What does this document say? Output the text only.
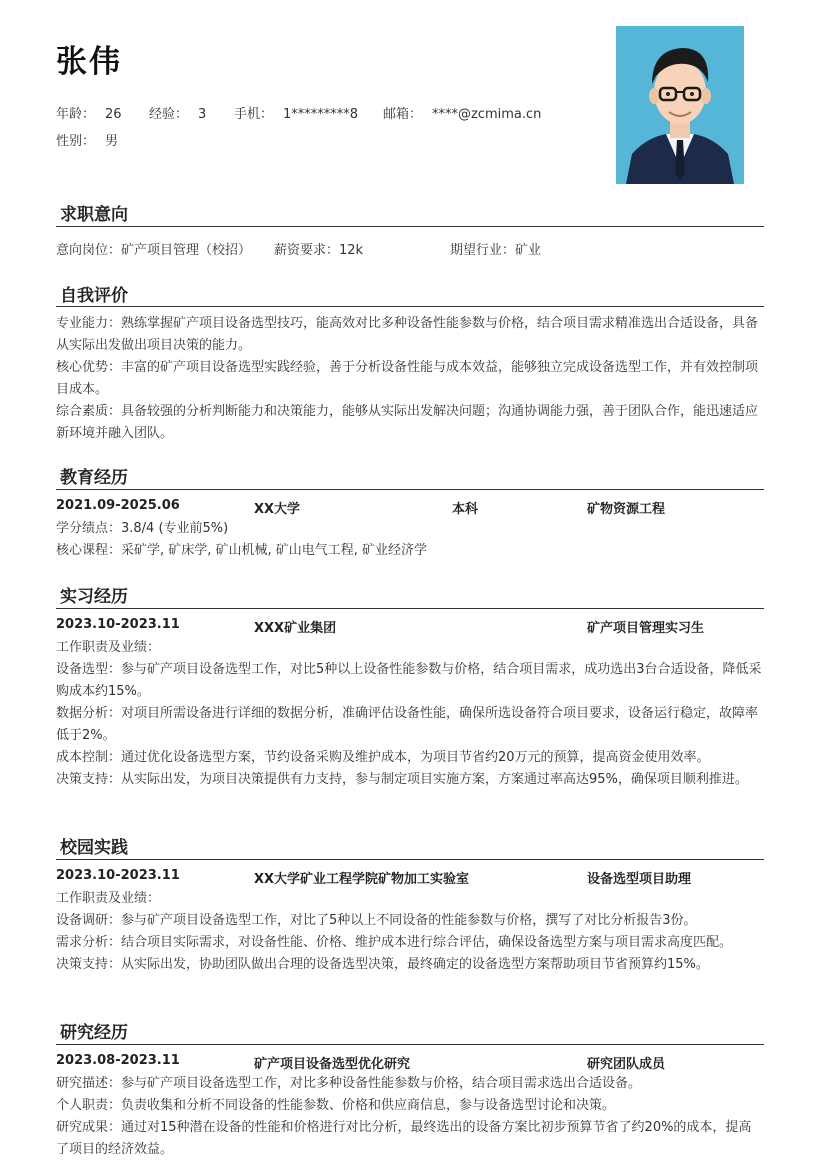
张伟
年龄： 26 经验： 3 手机： 1*********8 邮箱： ****@zcmima.cn
性别： 男
求职意向
意向岗位：矿产项目管理（校招） 薪资要求：12k	期望行业：矿业
自我评价
专业能力：熟练掌握矿产项目设备选型技巧，能高效对比多种设备性能参数与价格，结合项目需求精准选出合适设备，具备从实际出发做出项目决策的能力。
核心优势：丰富的矿产项目设备选型实践经验，善于分析设备性能与成本效益，能够独立完成设备选型工作，并有效控制项目成本。
综合素质：具备较强的分析判断能力和决策能力，能够从实际出发解决问题；沟通协调能力强，善于团队合作，能迅速适应新环境并融入团队。
教育经历
2021.09-2025.06	XX大学	本科	矿物资源工程
学分绩点：3.8/4 (专业前5%)
核心课程：采矿学, 矿床学, 矿山机械, 矿山电气工程, 矿业经济学
实习经历
2023.10-2023.11	XXX矿业集团	矿产项目管理实习生
工作职责及业绩：
设备选型：参与矿产项目设备选型工作，对比5种以上设备性能参数与价格，结合项目需求，成功选出3台合适设备，降低采购成本约15%。
数据分析：对项目所需设备进行详细的数据分析，准确评估设备性能，确保所选设备符合项目要求，设备运行稳定，故障率低于2%。
成本控制：通过优化设备选型方案，节约设备采购及维护成本，为项目节省约20万元的预算，提高资金使用效率。
决策支持：从实际出发，为项目决策提供有力支持，参与制定项目实施方案，方案通过率高达95%，确保项目顺利推进。
校园实践
2023.10-2023.11	XX大学矿业工程学院矿物加工实验室	设备选型项目助理
工作职责及业绩：
设备调研：参与矿产项目设备选型工作，对比了5种以上不同设备的性能参数与价格，撰写了对比分析报告3份。
需求分析：结合项目实际需求，对设备性能、价格、维护成本进行综合评估，确保设备选型方案与项目需求高度匹配。
决策支持：从实际出发，协助团队做出合理的设备选型决策，最终确定的设备选型方案帮助项目节省预算约15%。
研究经历
2023.08-2023.11	矿产项目设备选型优化研究	研究团队成员
研究描述：参与矿产项目设备选型工作，对比多种设备性能参数与价格，结合项目需求选出合适设备。
个人职责：负责收集和分析不同设备的性能参数、价格和供应商信息，参与设备选型讨论和决策。
研究成果：通过对15种潜在设备的性能和价格进行对比分析，最终选出的设备方案比初步预算节省了约20%的成本，提高了项目的经济效益。
